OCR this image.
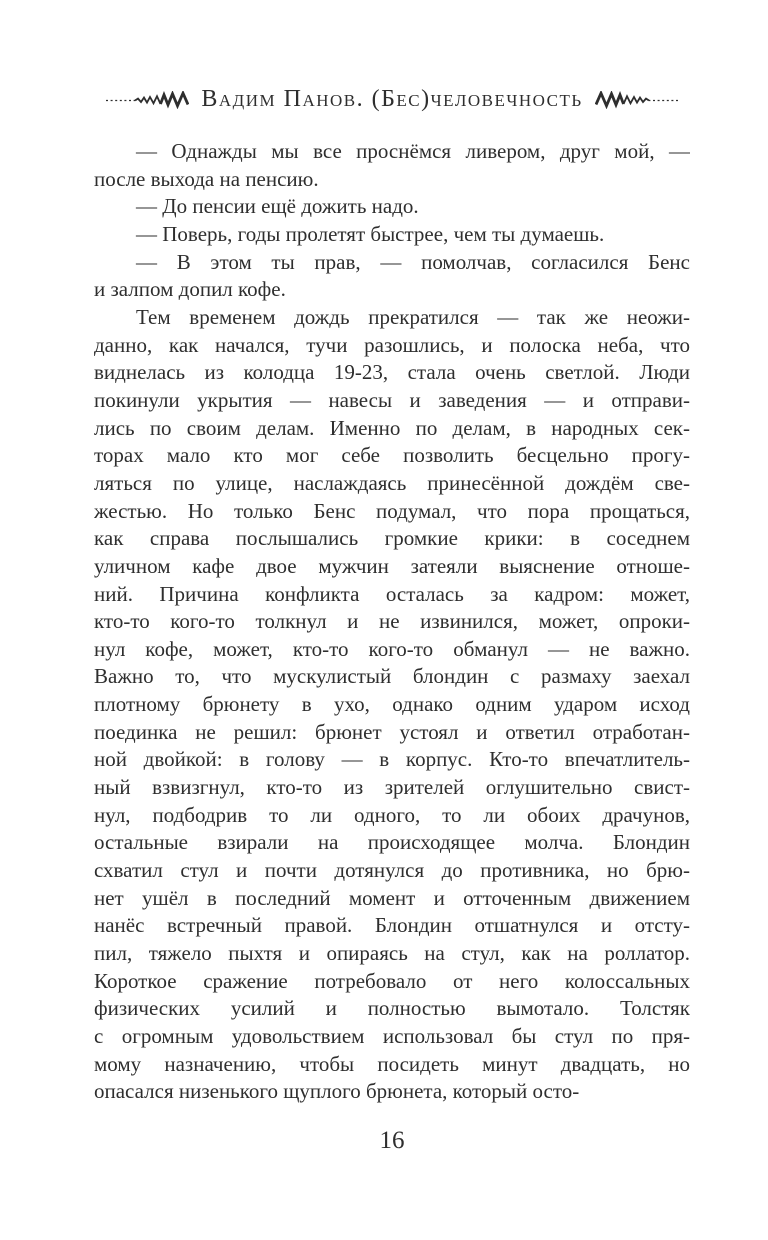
Вадим Панов. (Бес)человечность
— Однажды мы все проснёмся ливером, друг мой, —
после выхода на пенсию.
— До пенсии ещё дожить надо.
— Поверь, годы пролетят быстрее, чем ты думаешь.
— В этом ты прав, — помолчав, согласился Бенс
и залпом допил кофе.
Тем временем дождь прекратился — так же неожи-
данно, как начался, тучи разошлись, и полоска неба, что
виднелась из колодца 19-23, стала очень светлой. Люди
покинули укрытия — навесы и заведения — и отправи-
лись по своим делам. Именно по делам, в народных сек-
торах мало кто мог себе позволить бесцельно прогу-
ляться по улице, наслаждаясь принесённой дождём све-
жестью. Но только Бенс подумал, что пора прощаться,
как справа послышались громкие крики: в соседнем
уличном кафе двое мужчин затеяли выяснение отноше-
ний. Причина конфликта осталась за кадром: может,
кто-то кого-то толкнул и не извинился, может, опроки-
нул кофе, может, кто-то кого-то обманул — не важно.
Важно то, что мускулистый блондин с размаху заехал
плотному брюнету в ухо, однако одним ударом исход
поединка не решил: брюнет устоял и ответил отработан-
ной двойкой: в голову — в корпус. Кто-то впечатлитель-
ный взвизгнул, кто-то из зрителей оглушительно свист-
нул, подбодрив то ли одного, то ли обоих драчунов,
остальные взирали на происходящее молча. Блондин
схватил стул и почти дотянулся до противника, но брю-
нет ушёл в последний момент и отточенным движением
нанёс встречный правой. Блондин отшатнулся и отсту-
пил, тяжело пыхтя и опираясь на стул, как на роллатор.
Короткое сражение потребовало от него колоссальных
физических усилий и полностью вымотало. Толстяк
с огромным удовольствием использовал бы стул по пря-
мому назначению, чтобы посидеть минут двадцать, но
опасался низенького щуплого брюнета, который осто-
16
